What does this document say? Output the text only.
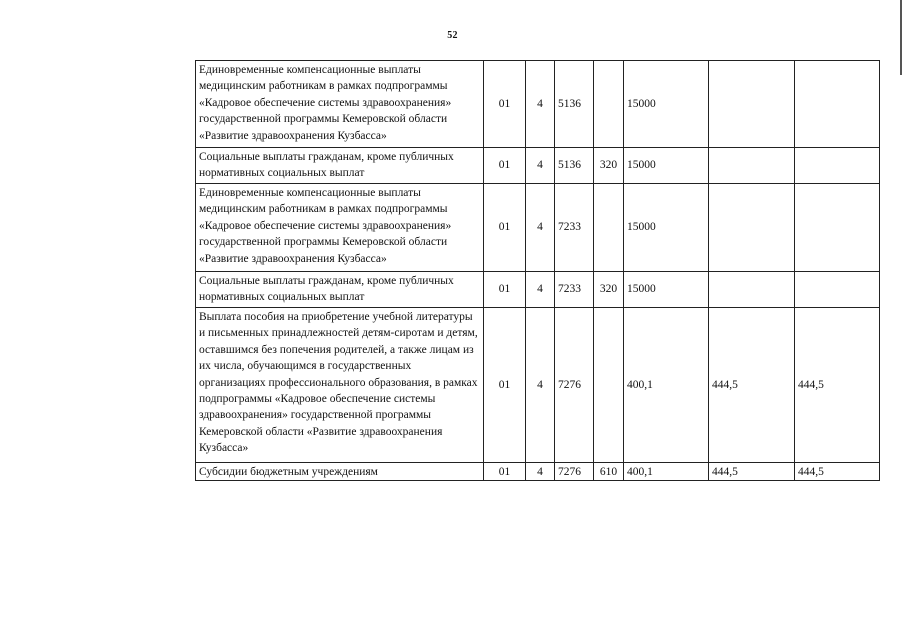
52
Единовременные компенсационные выплаты медицинским работникам в рамках подпрограммы «Кадровое обеспечение системы здравоохранения» государственной программы Кемеровской области «Развитие здравоохранения Кузбасса»	01	4	5136		15000		
Социальные выплаты гражданам, кроме публичных нормативных социальных выплат	01	4	5136	320	15000		
Единовременные компенсационные выплаты медицинским работникам в рамках подпрограммы «Кадровое обеспечение системы здравоохранения» государственной программы Кемеровской области «Развитие здравоохранения Кузбасса»	01	4	7233		15000		
Социальные выплаты гражданам, кроме публичных нормативных социальных выплат	01	4	7233	320	15000		
Выплата пособия на приобретение учебной литературы и письменных принадлежностей детям-сиротам и детям, оставшимся без попечения родителей, а также лицам из их числа, обучающимся в государственных организациях профессионального образования, в рамках подпрограммы «Кадровое обеспечение системы здравоохранения» государственной программы Кемеровской области «Развитие здравоохранения Кузбасса»	01	4	7276		400,1	444,5	444,5
Субсидии бюджетным учреждениям	01	4	7276	610	400,1	444,5	444,5
